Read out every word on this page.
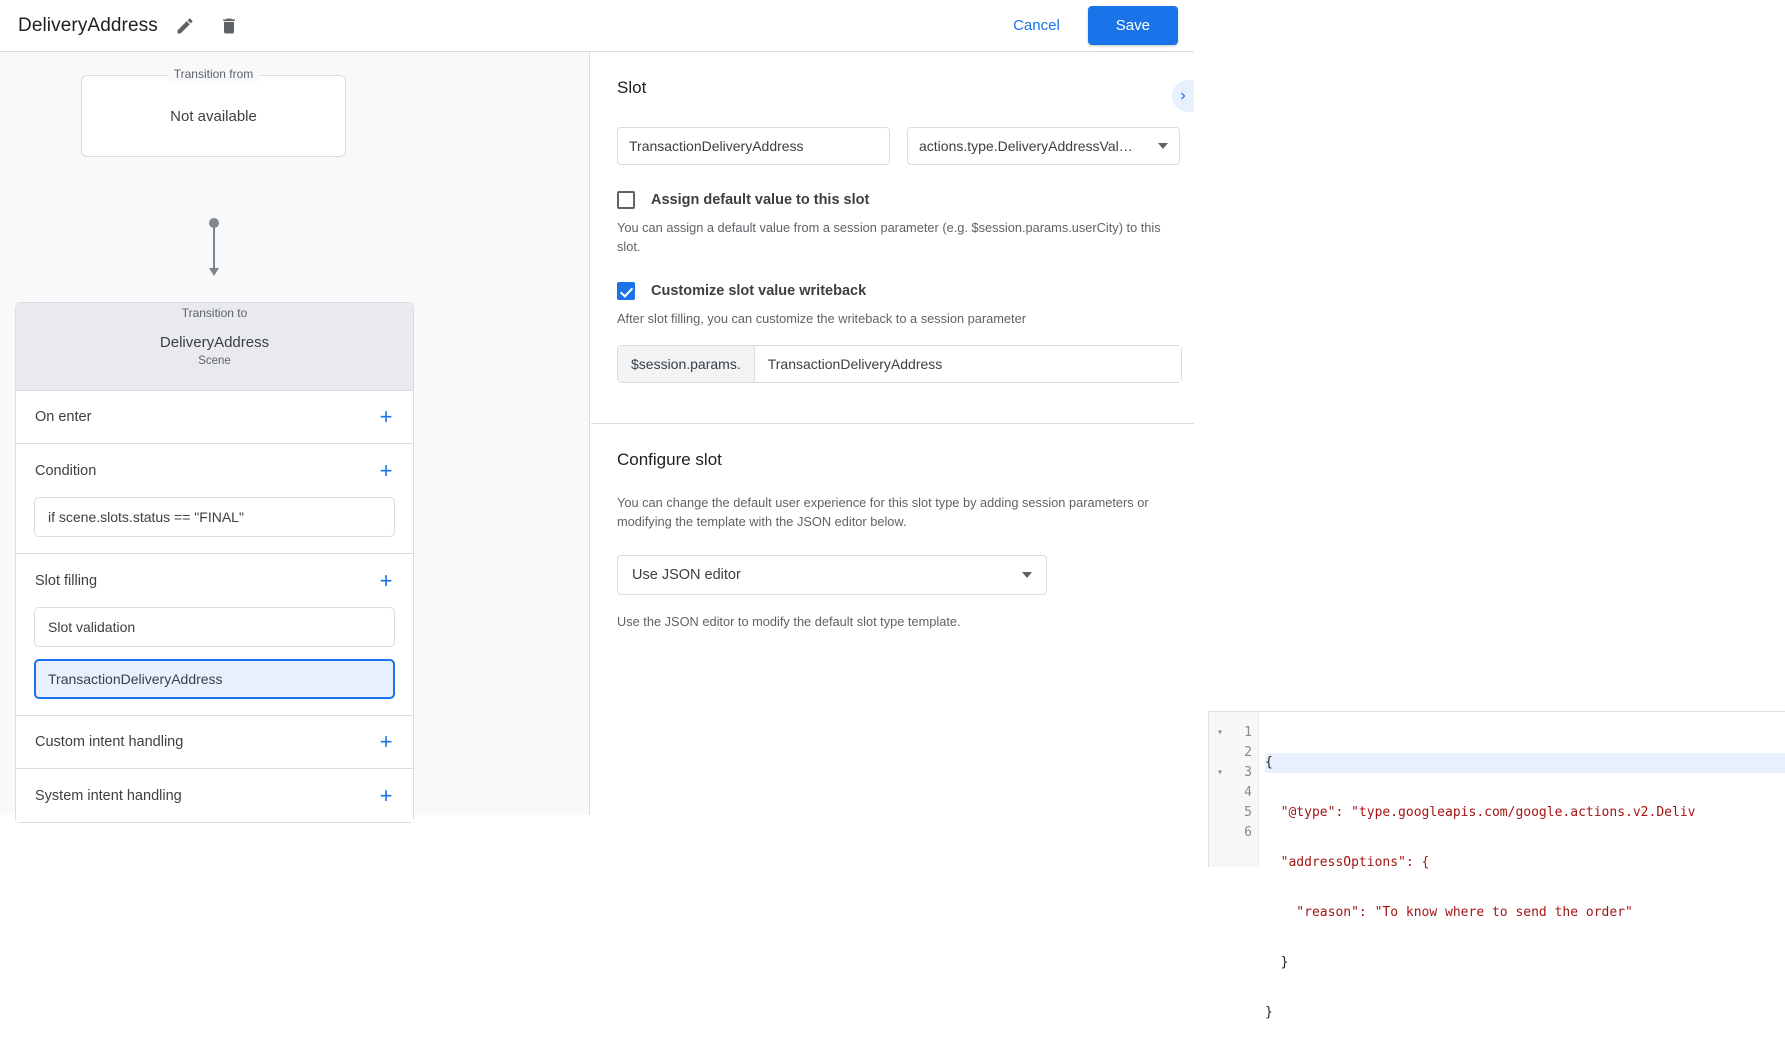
DeliveryAddress	Cancel	Save
Not available
Transition from
Transition to
DeliveryAddress
Scene
On enter	+
Condition	+
if scene.slots.status == "FINAL"
Slot filling	+
Slot validation
TransactionDeliveryAddress
Custom intent handling	+
System intent handling	+
Slot
TransactionDeliveryAddress
actions.type.DeliveryAddressVal…
Assign default value to this slot
You can assign a default value from a session parameter (e.g. $session.params.userCity) to this slot.
Customize slot value writeback
After slot filling, you can customize the writeback to a session parameter
$session.params.	TransactionDeliveryAddress
Configure slot
You can change the default user experience for this slot type by adding session parameters or modifying the template with the JSON editor below.
Use JSON editor
Use the JSON editor to modify the default slot type template.
▾
▾
1
2
3
4
5
6

{

"@type": "type.googleapis.com/google.actions.v2.Deliv

"addressOptions": {

"reason": "To know where to send the order"

}

}
